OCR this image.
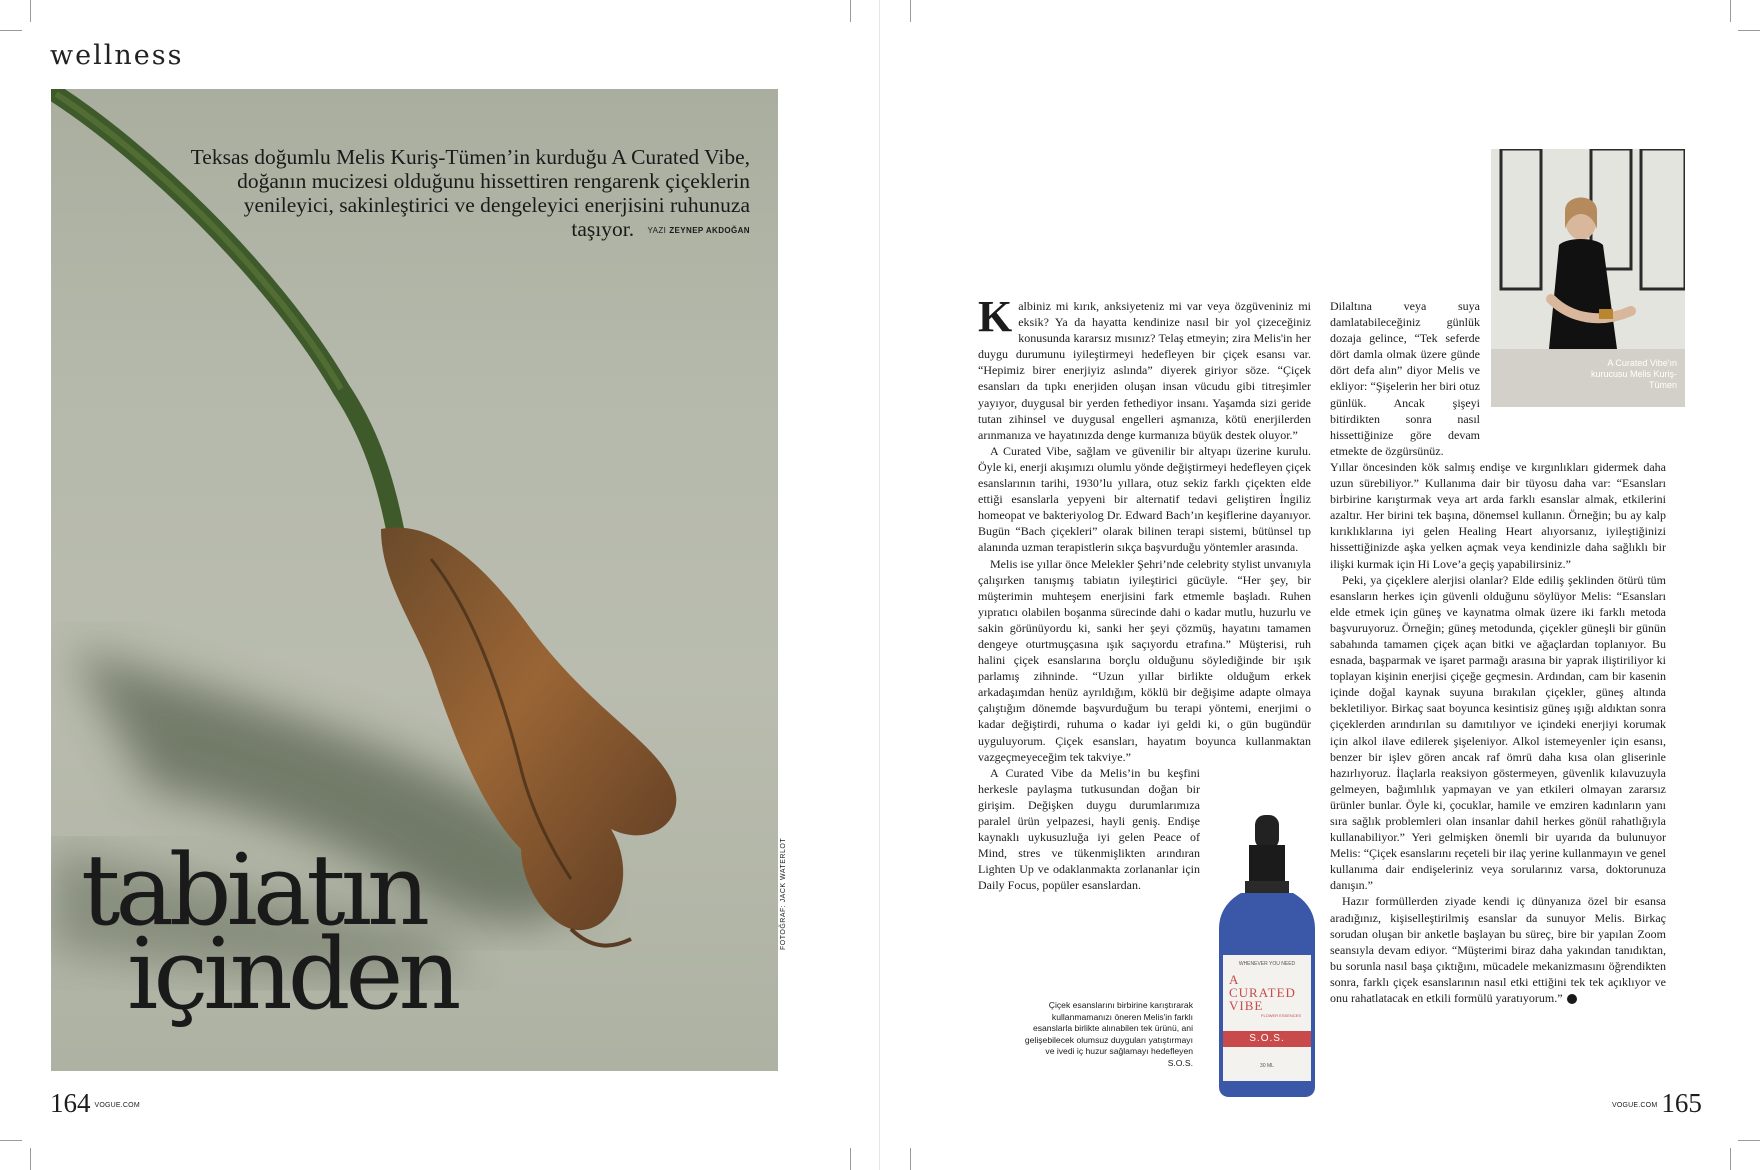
wellness
Teksas doğumlu Melis Kuriş-Tümen’in kurduğu A Curated Vibe, doğanın mucizesi olduğunu hissettiren rengarenk çiçeklerin yenileyici, sakinleştirici ve dengeleyici enerjisini ruhunuza taşıyor. YAZI ZEYNEP AKDOĞAN
tabiatın
içinden
FOTOĞRAF: JACK WATERLOT
164 VOGUE.COM
A Curated Vibe'ın kurucusu Melis Kuriş-Tümen

Kalbiniz mi kırık, anksiyeteniz mi var veya özgüveniniz mi eksik? Ya da hayatta kendinize nasıl bir yol çizeceğiniz konusunda kararsız mısınız? Telaş etmeyin; zira Melis'in her duygu durumunu iyileştirmeyi hedefleyen bir çiçek esansı var. “Hepimiz birer enerjiyiz aslında” diyerek giriyor söze. “Çiçek esansları da tıpkı enerjiden oluşan insan vücudu gibi titreşimler yayıyor, duygusal bir yerden fethediyor insanı. Yaşamda sizi geride tutan zihinsel ve duygusal engelleri aşmanıza, kötü enerjilerden arınmanıza ve hayatınızda denge kurmanıza büyük destek oluyor.”

A Curated Vibe, sağlam ve güvenilir bir altyapı üzerine kurulu. Öyle ki, enerji akışımızı olumlu yönde değiştirmeyi hedefleyen çiçek esanslarının tarihi, 1930’lu yıllara, otuz sekiz farklı çiçekten elde ettiği esanslarla yepyeni bir alternatif tedavi geliştiren İngiliz homeopat ve bakteriyolog Dr. Edward Bach’ın keşiflerine dayanıyor. Bugün “Bach çiçekleri” olarak bilinen terapi sistemi, bütünsel tıp alanında uzman terapistlerin sıkça başvurduğu yöntemler arasında.

Melis ise yıllar önce Melekler Şehri’nde celebrity stylist unvanıyla çalışırken tanışmış tabiatın iyileştirici gücüyle. “Her şey, bir müşterimin muhteşem enerjisini fark etmemle başladı. Ruhen yıpratıcı olabilen boşanma sürecinde dahi o kadar mutlu, huzurlu ve sakin görünüyordu ki, sanki her şeyi çözmüş, hayatını tamamen dengeye oturtmuşçasına ışık saçıyordu etrafına.” Müşterisi, ruh halini çiçek esanslarına borçlu olduğunu söylediğinde bir ışık parlamış zihninde. “Uzun yıllar birlikte olduğum erkek arkadaşımdan henüz ayrıldığım, köklü bir değişime adapte olmaya çalıştığım dönemde başvurduğum bu terapi yöntemi, enerjimi o kadar değiştirdi, ruhuma o kadar iyi geldi ki, o gün bugündür uyguluyorum. Çiçek esansları, hayatım boyunca kullanmaktan vazgeçmeyeceğim tek takviye.”

A Curated Vibe da Melis’in bu keşfini herkesle paylaşma tutkusundan doğan bir girişim. Değişken duygu durumlarımıza paralel ürün yelpazesi, hayli geniş. Endişe kaynaklı uykusuzluğa iyi gelen Peace of Mind, stres ve tükenmişlikten arındıran Lighten Up ve odaklanmakta zorlananlar için Daily Focus, popüler esanslardan.

Dilaltına veya suya damlatabileceğiniz günlük dozaja gelince, “Tek seferde dört damla olmak üzere günde dört defa alın” diyor Melis ve ekliyor: “Şişelerin her biri otuz günlük. Ancak şişeyi bitirdikten sonra nasıl hissettiğinize göre devam etmekte de özgürsünüz.

Yıllar öncesinden kök salmış endişe ve kırgınlıkları gidermek daha uzun sürebiliyor.” Kullanıma dair bir tüyosu daha var: “Esansları birbirine karıştırmak veya art arda farklı esanslar almak, etkilerini azaltır. Her birini tek başına, dönemsel kullanın. Örneğin; bu ay kalp kırıklıklarına iyi gelen Healing Heart alıyorsanız, iyileştiğinizi hissettiğinizde aşka yelken açmak veya kendinizle daha sağlıklı bir ilişki kurmak için Hi Love’a geçiş yapabilirsiniz.”

Peki, ya çiçeklere alerjisi olanlar? Elde ediliş şeklinden ötürü tüm esansların herkes için güvenli olduğunu söylüyor Melis: “Esansları elde etmek için güneş ve kaynatma olmak üzere iki farklı metoda başvuruyoruz. Örneğin; güneş metodunda, çiçekler güneşli bir günün sabahında tamamen çiçek açan bitki ve ağaçlardan toplanıyor. Bu esnada, başparmak ve işaret parmağı arasına bir yaprak iliştiriliyor ki toplayan kişinin enerjisi çiçeğe geçmesin. Ardından, cam bir kasenin içinde doğal kaynak suyuna bırakılan çiçekler, güneş altında bekletiliyor. Birkaç saat boyunca kesintisiz güneş ışığı aldıktan sonra çiçeklerden arındırılan su damıtılıyor ve içindeki enerjiyi korumak için alkol ilave edilerek şişeleniyor. Alkol istemeyenler için esansı, benzer bir işlev gören ancak raf ömrü daha kısa olan gliserinle hazırlıyoruz. İlaçlarla reaksiyon göstermeyen, güvenlik kılavuzuyla gelmeyen, bağımlılık yapmayan ve yan etkileri olmayan zararsız ürünler bunlar. Öyle ki, çocuklar, hamile ve emziren kadınların yanı sıra sağlık problemleri olan insanlar dahil herkes gönül rahatlığıyla kullanabiliyor.” Yeri gelmişken önemli bir uyarıda da bulunuyor Melis: “Çiçek esanslarını reçeteli bir ilaç yerine kullanmayın ve genel kullanıma dair endişeleriniz veya sorularınız varsa, doktorunuza danışın.”

Hazır formüllerden ziyade kendi iç dünyanıza özel bir esansa aradığınız, kişiselleştirilmiş esanslar da sunuyor Melis. Birkaç sorudan oluşan bir anketle başlayan bu süreç, bire bir yapılan Zoom seansıyla devam ediyor. “Müşterimi biraz daha yakından tanıdıktan, bu sorunla nasıl başa çıktığını, mücadele mekanizmasını öğrendikten sonra, farklı çiçek esanslarının nasıl etki ettiğini tek tek açıklıyor ve onu rahatlatacak en etkili formülü yaratıyorum.” V

WHENEVER YOU NEED
A
CURATED
VIBE
FLOWER ESSENCES
S.O.S.
30 ML
Çiçek esanslarını birbirine karıştırarak kullanmamanızı öneren Melis'in farklı esanslarla birlikte alınabilen tek ürünü, ani gelişebilecek olumsuz duyguları yatıştırmayı ve ivedi iç huzur sağlamayı hedefleyen S.O.S.
VOGUE.COM 165
